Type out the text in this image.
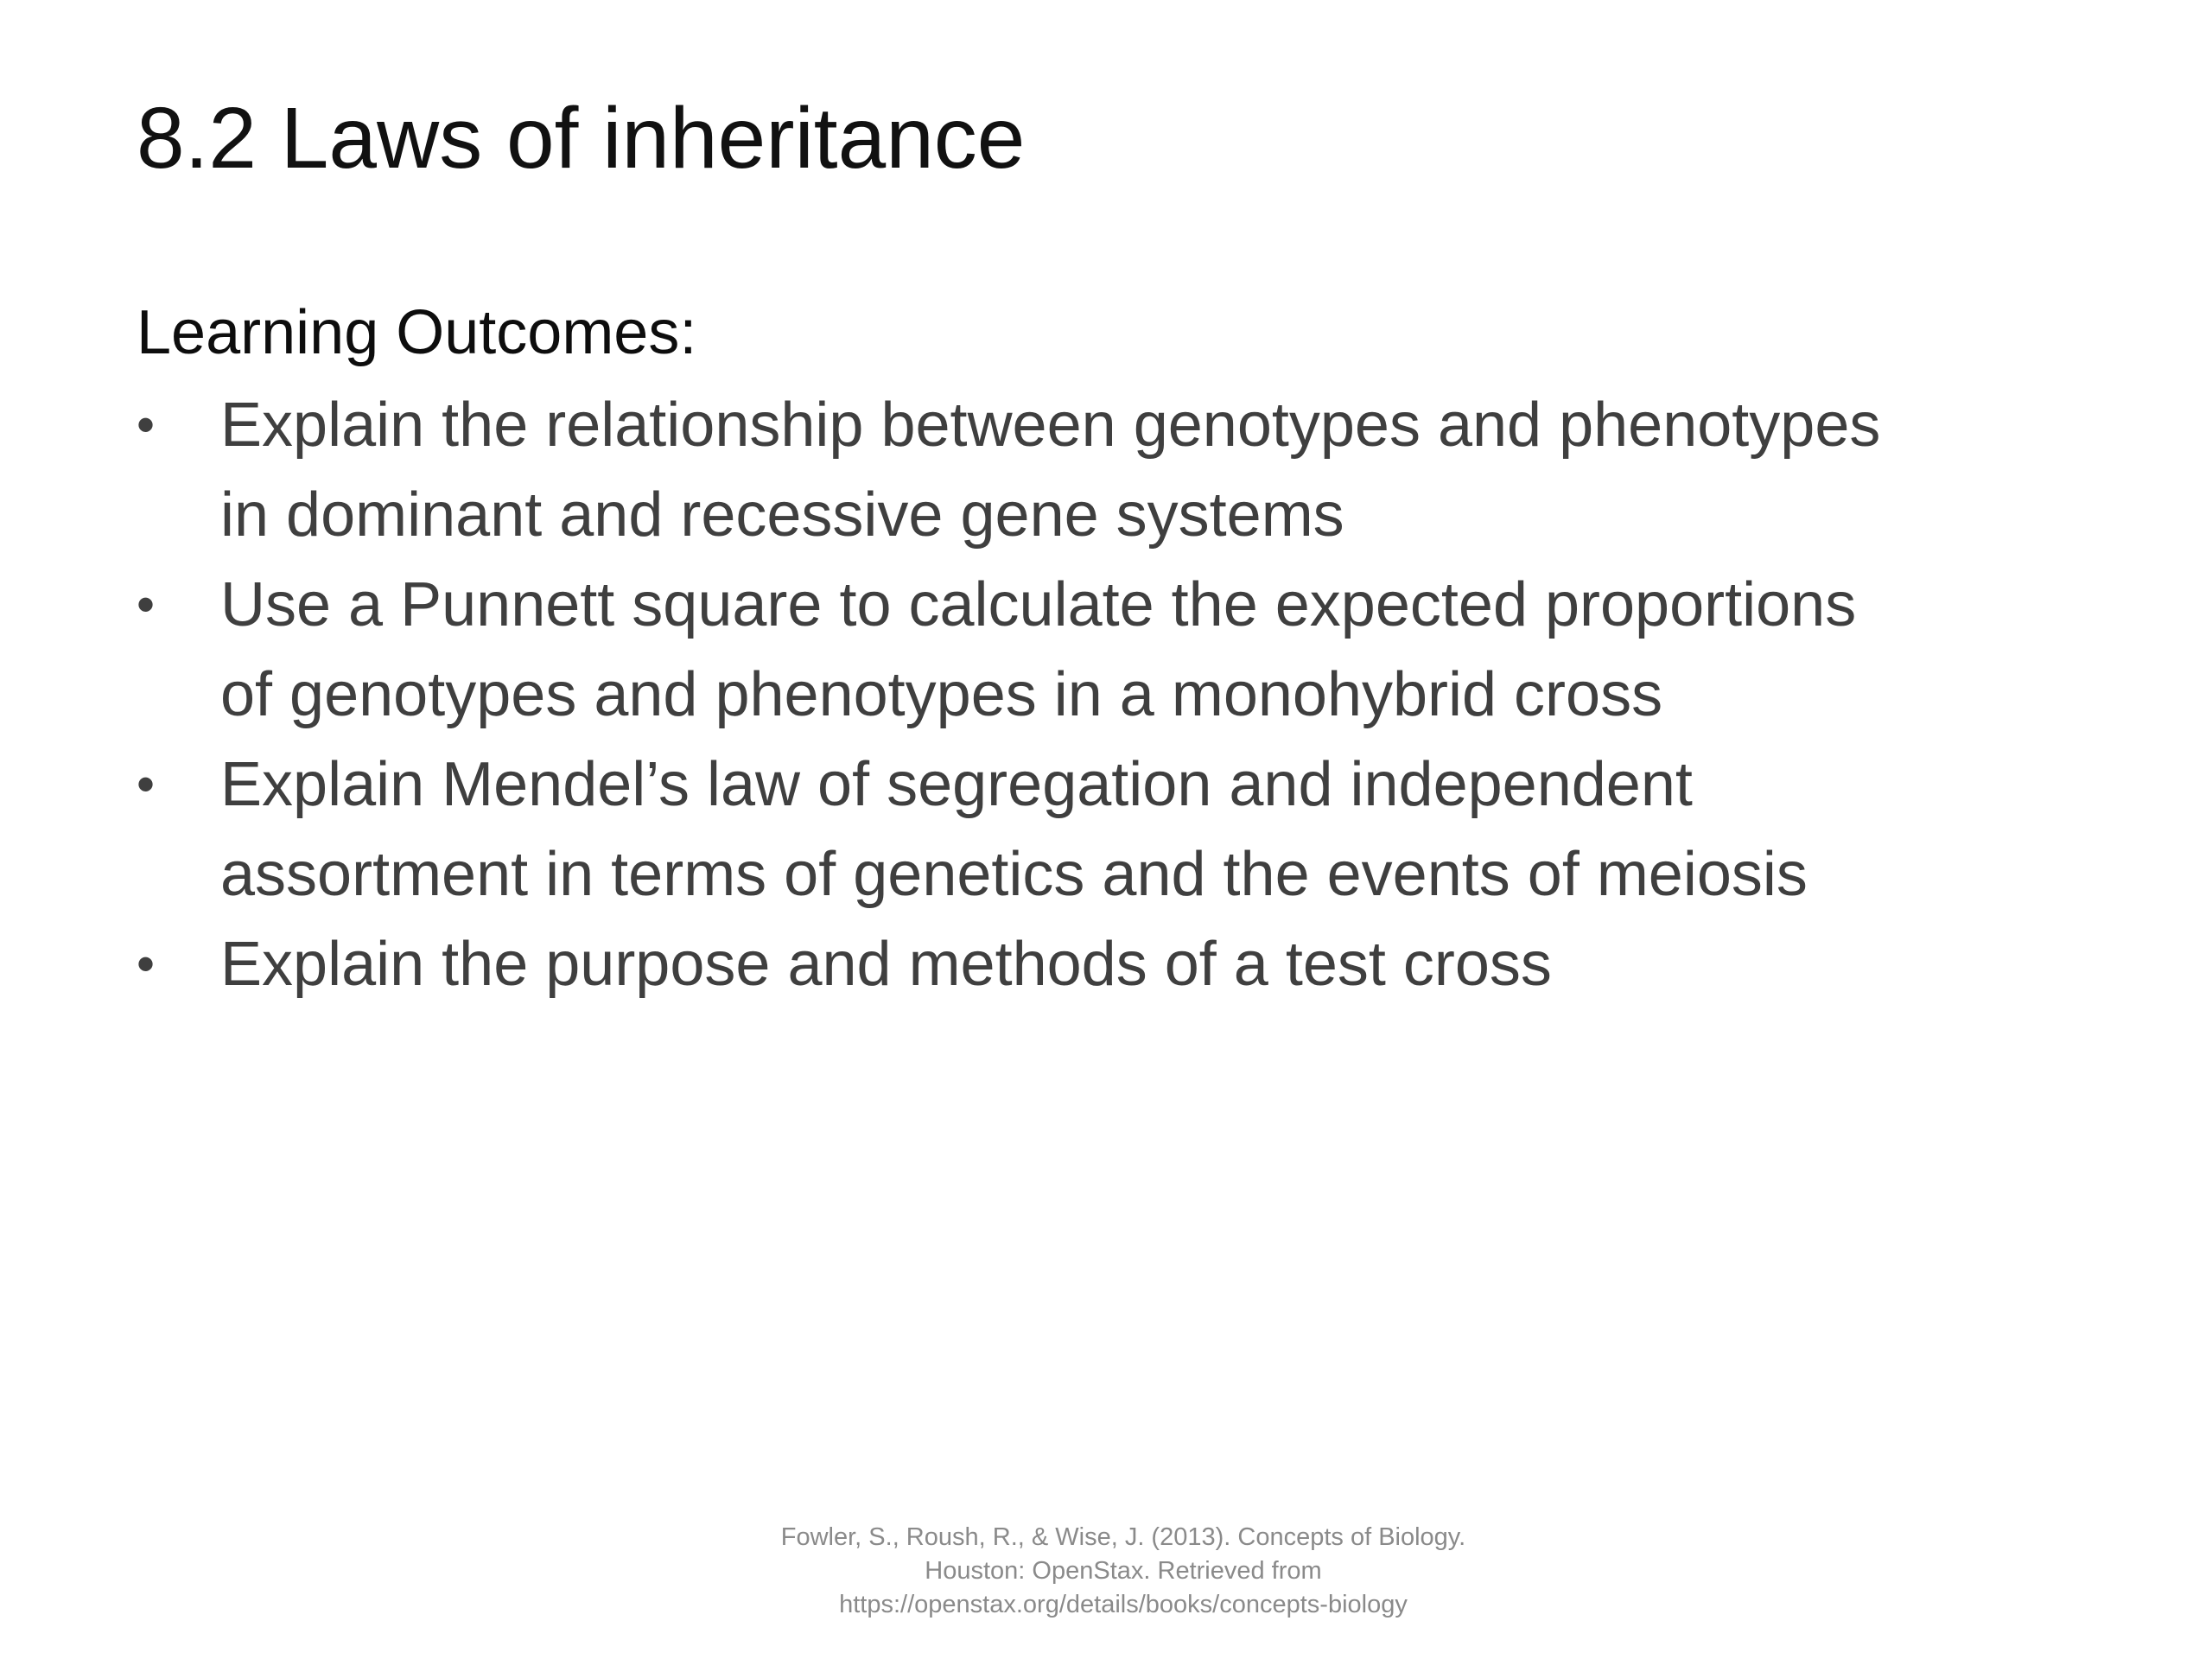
8.2 Laws of inheritance
Learning Outcomes:
•	Explain the relationship between genotypes and phenotypes
in dominant and recessive gene systems
•	Use a Punnett square to calculate the expected proportions
of genotypes and phenotypes in a monohybrid cross
•	Explain Mendel’s law of segregation and independent
assortment in terms of genetics and the events of meiosis
•	Explain the purpose and methods of a test cross
Fowler, S., Roush, R., & Wise, J. (2013). Concepts of Biology.
Houston: OpenStax. Retrieved from
https://openstax.org/details/books/concepts-biology
